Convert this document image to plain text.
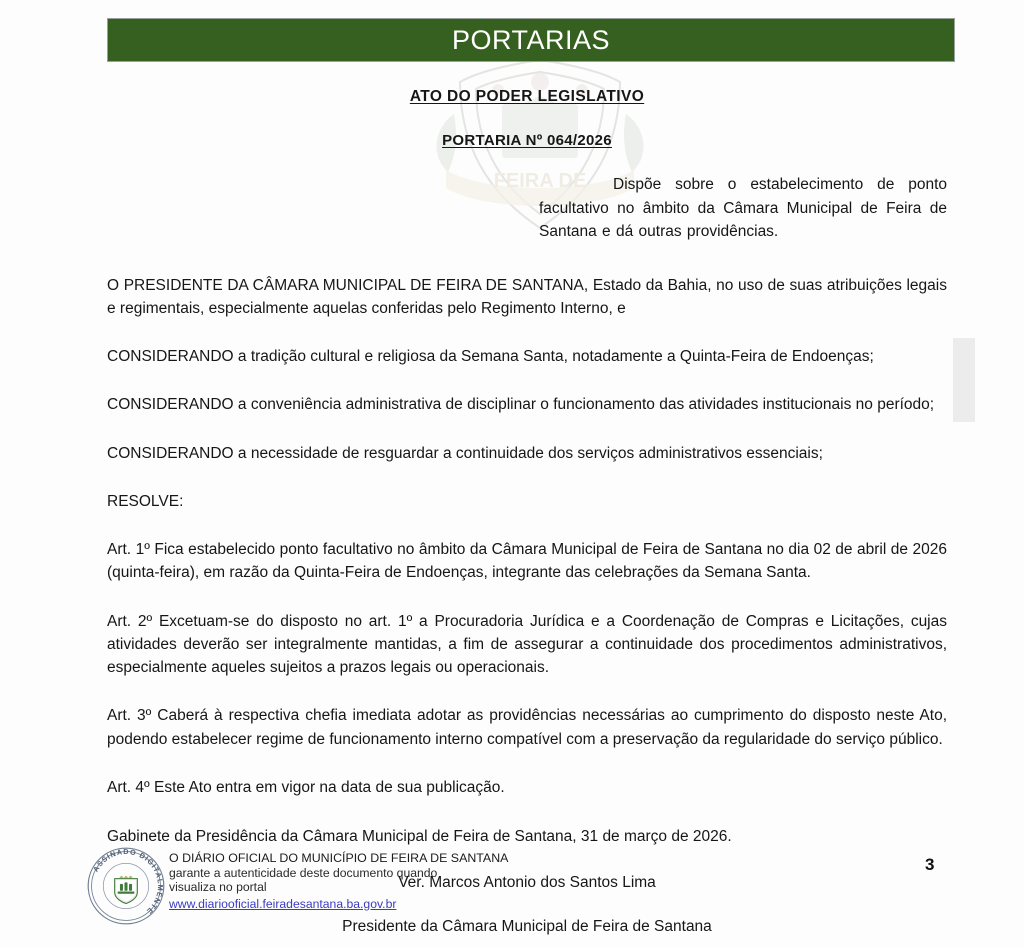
FEIRA DE
PORTARIAS
ATO DO PODER LEGISLATIVO
PORTARIA Nº 064/2026
Dispõe sobre o estabelecimento de ponto facultativo no âmbito da Câmara Municipal de Feira de Santana e dá outras providências.

O PRESIDENTE DA CÂMARA MUNICIPAL DE FEIRA DE SANTANA, Estado da Bahia, no uso de suas atribuições legais e regimentais, especialmente aquelas conferidas pelo Regimento Interno, e

CONSIDERANDO a tradição cultural e religiosa da Semana Santa, notadamente a Quinta-Feira de Endoenças;

CONSIDERANDO a conveniência administrativa de disciplinar o funcionamento das atividades institucionais no período;

CONSIDERANDO a necessidade de resguardar a continuidade dos serviços administrativos essenciais;

RESOLVE:

Art. 1º Fica estabelecido ponto facultativo no âmbito da Câmara Municipal de Feira de Santana no dia 02 de abril de 2026 (quinta-feira), em razão da Quinta-Feira de Endoenças, integrante das celebrações da Semana Santa.

Art. 2º Excetuam-se do disposto no art. 1º a Procuradoria Jurídica e a Coordenação de Compras e Licitações, cujas atividades deverão ser integralmente mantidas, a fim de assegurar a continuidade dos procedimentos administrativos, especialmente aqueles sujeitos a prazos legais ou operacionais.

Art. 3º Caberá à respectiva chefia imediata adotar as providências necessárias ao cumprimento do disposto neste Ato, podendo estabelecer regime de funcionamento interno compatível com a preservação da regularidade do serviço público.

Art. 4º Este Ato entra em vigor na data de sua publicação.

Gabinete da Presidência da Câmara Municipal de Feira de Santana, 31 de março de 2026.

Ver. Marcos Antonio dos Santos Lima

Presidente da Câmara Municipal de Feira de Santana

ASSINADO DIGITALMENTE
O DIÁRIO OFICIAL DO MUNICÍPIO DE FEIRA DE SANTANA
garante a autenticidade deste documento quando
visualiza no portal
www.diariooficial.feiradesantana.ba.gov.br
3
